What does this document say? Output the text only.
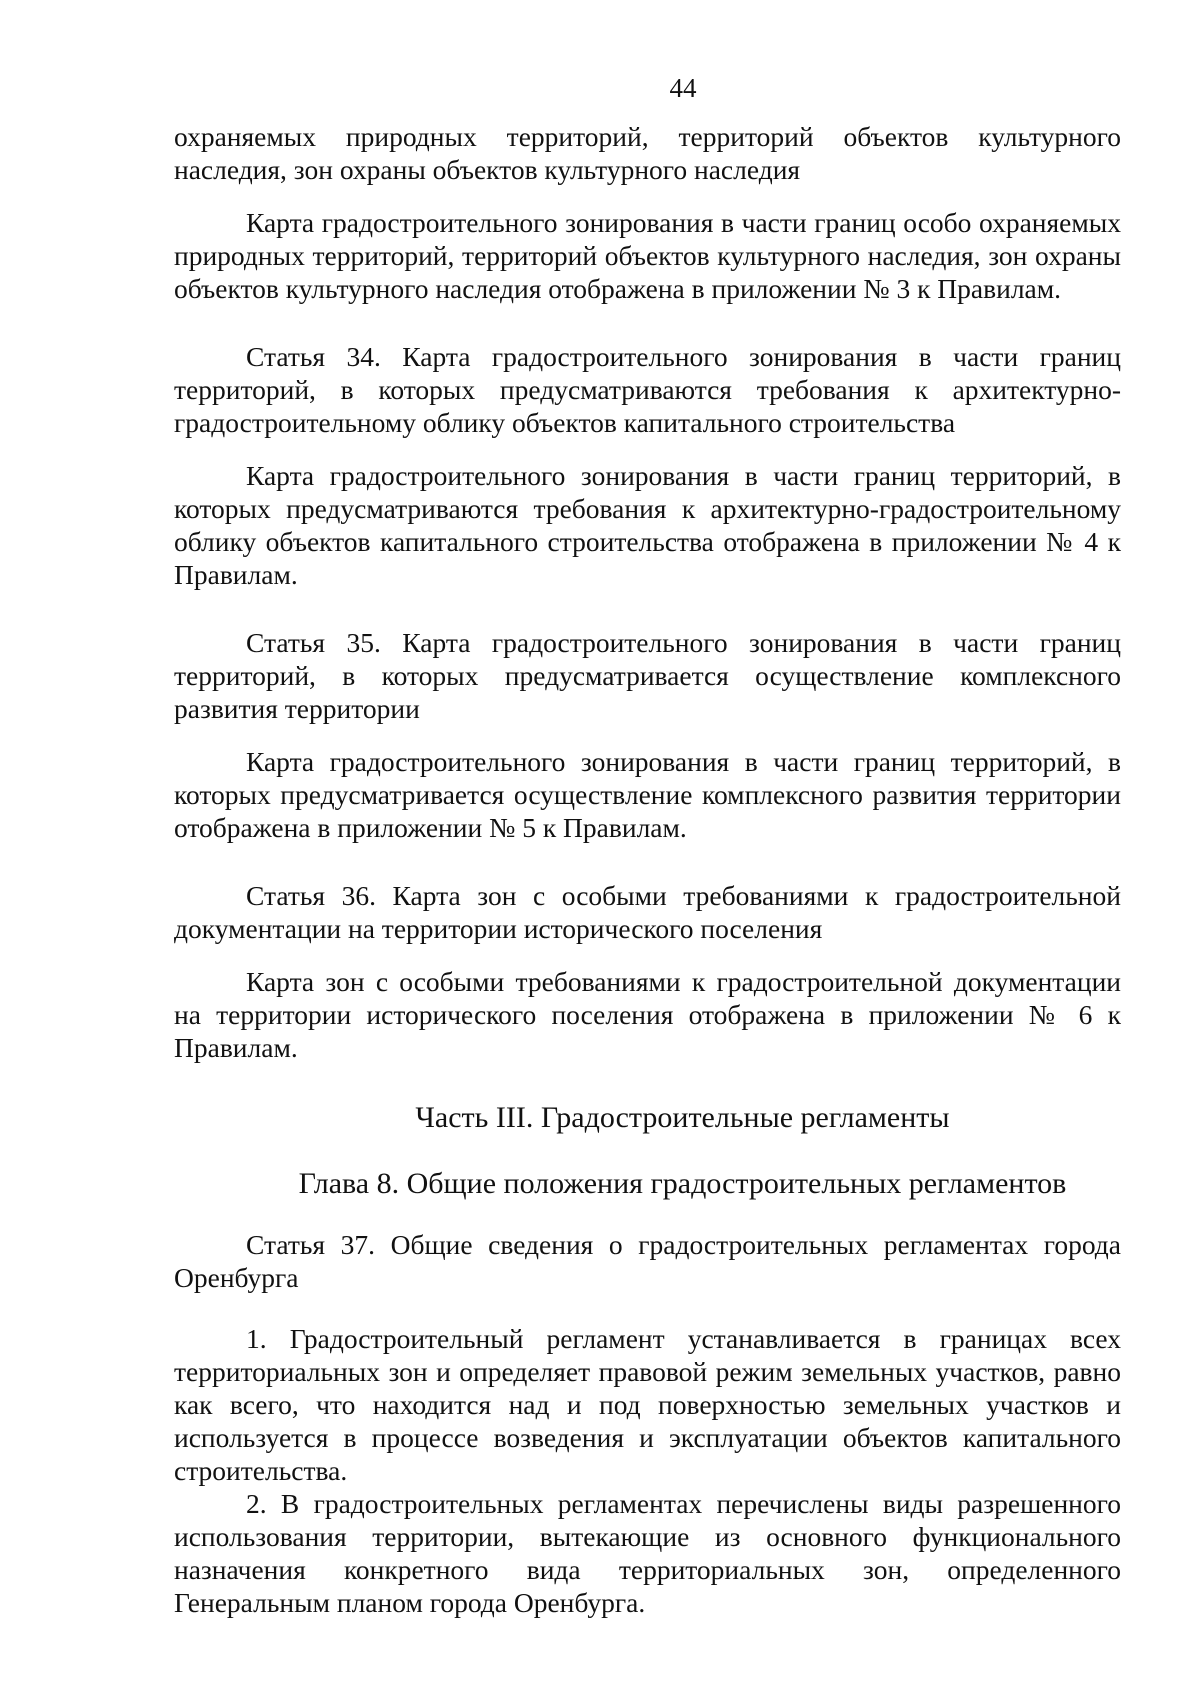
44

охраняемых природных территорий, территорий объектов культурного наследия, зон охраны объектов культурного наследия

Карта градостроительного зонирования в части границ особо охраняемых природных территорий, территорий объектов культурного наследия, зон охраны объектов культурного наследия отображена в приложении № 3 к Правилам.

Статья 34. Карта градостроительного зонирования в части границ территорий, в которых предусматриваются требования к архитектурно-градостроительному облику объектов капитального строительства

Карта градостроительного зонирования в части границ территорий, в которых предусматриваются требования к архитектурно-градостроительному облику объектов капитального строительства отображена в приложении № 4 к Правилам.

Статья 35. Карта градостроительного зонирования в части границ территорий, в которых предусматривается осуществление комплексного развития территории

Карта градостроительного зонирования в части границ территорий, в которых предусматривается осуществление комплексного развития территории отображена в приложении № 5 к Правилам.

Статья 36. Карта зон с особыми требованиями к градостроительной документации на территории исторического поселения

Карта зон с особыми требованиями к градостроительной документации на территории исторического поселения отображена в приложении № 6 к Правилам.

Часть III. Градостроительные регламенты

Глава 8. Общие положения градостроительных регламентов

Статья 37. Общие сведения о градостроительных регламентах города Оренбурга

1. Градостроительный регламент устанавливается в границах всех территориальных зон и определяет правовой режим земельных участков, равно как всего, что находится над и под поверхностью земельных участков и используется в процессе возведения и эксплуатации объектов капитального строительства.

2. В градостроительных регламентах перечислены виды разрешенного использования территории, вытекающие из основного функционального назначения конкретного вида территориальных зон, определенного Генеральным планом города Оренбурга.
